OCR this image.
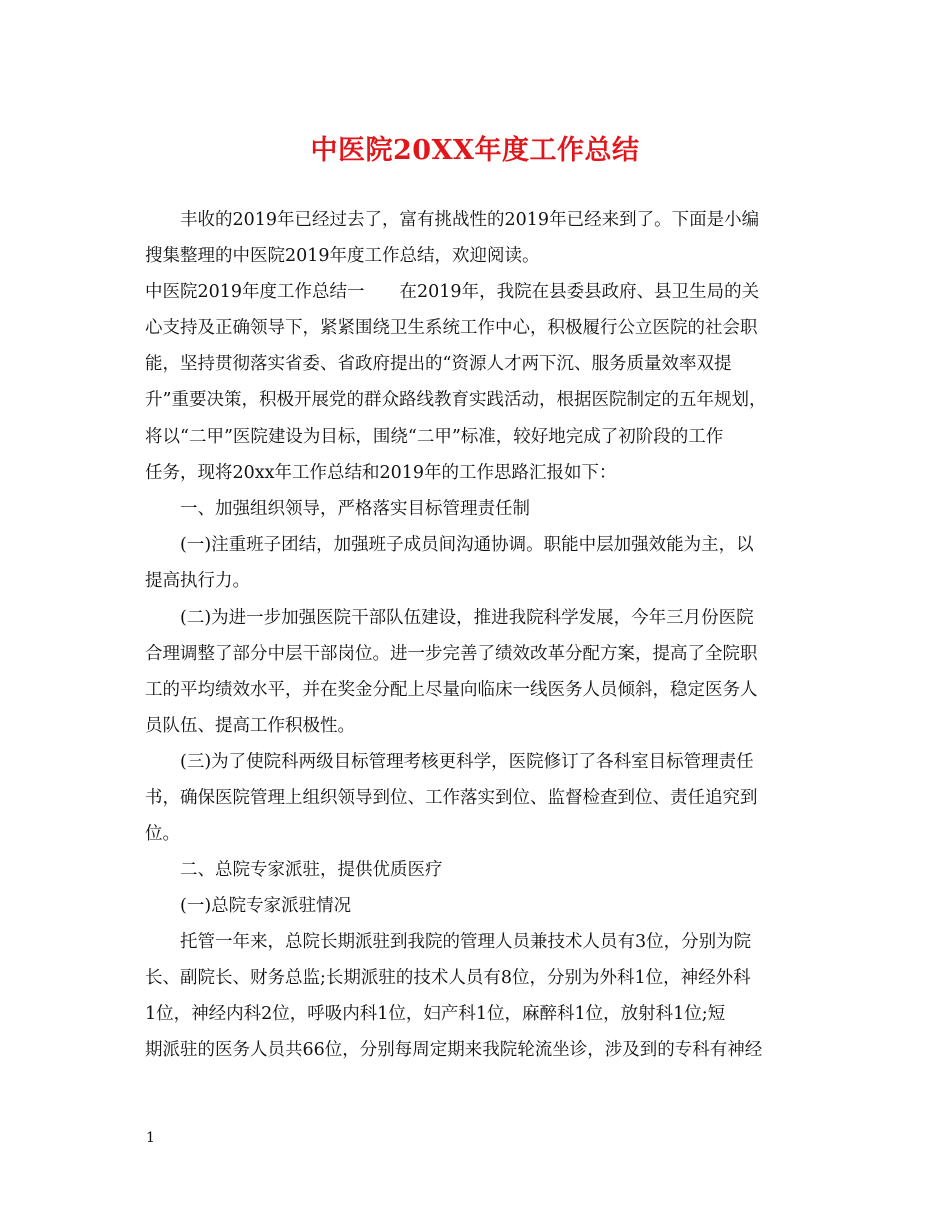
中医院20XX年度工作总结
丰收的2019年已经过去了，富有挑战性的2019年已经来到了。下面是小编
搜集整理的中医院2019年度工作总结，欢迎阅读。
中医院2019年度工作总结一　　在2019年，我院在县委县政府、县卫生局的关
心支持及正确领导下，紧紧围绕卫生系统工作中心，积极履行公立医院的社会职
能，坚持贯彻落实省委、省政府提出的“资源人才两下沉、服务质量效率双提
升”重要决策，积极开展党的群众路线教育实践活动，根据医院制定的五年规划，
将以“二甲”医院建设为目标，围绕“二甲”标准，较好地完成了初阶段的工作
任务，现将20xx年工作总结和2019年的工作思路汇报如下：
一、加强组织领导，严格落实目标管理责任制
(一)注重班子团结，加强班子成员间沟通协调。职能中层加强效能为主，以
提高执行力。
(二)为进一步加强医院干部队伍建设，推进我院科学发展，今年三月份医院
合理调整了部分中层干部岗位。进一步完善了绩效改革分配方案，提高了全院职
工的平均绩效水平，并在奖金分配上尽量向临床一线医务人员倾斜，稳定医务人
员队伍、提高工作积极性。
(三)为了使院科两级目标管理考核更科学，医院修订了各科室目标管理责任
书，确保医院管理上组织领导到位、工作落实到位、监督检查到位、责任追究到
位。
二、总院专家派驻，提供优质医疗
(一)总院专家派驻情况
托管一年来，总院长期派驻到我院的管理人员兼技术人员有3位，分别为院
长、副院长、财务总监;长期派驻的技术人员有8位，分别为外科1位，神经外科
1位，神经内科2位，呼吸内科1位，妇产科1位，麻醉科1位，放射科1位;短
期派驻的医务人员共66位，分别每周定期来我院轮流坐诊，涉及到的专科有神经
1
